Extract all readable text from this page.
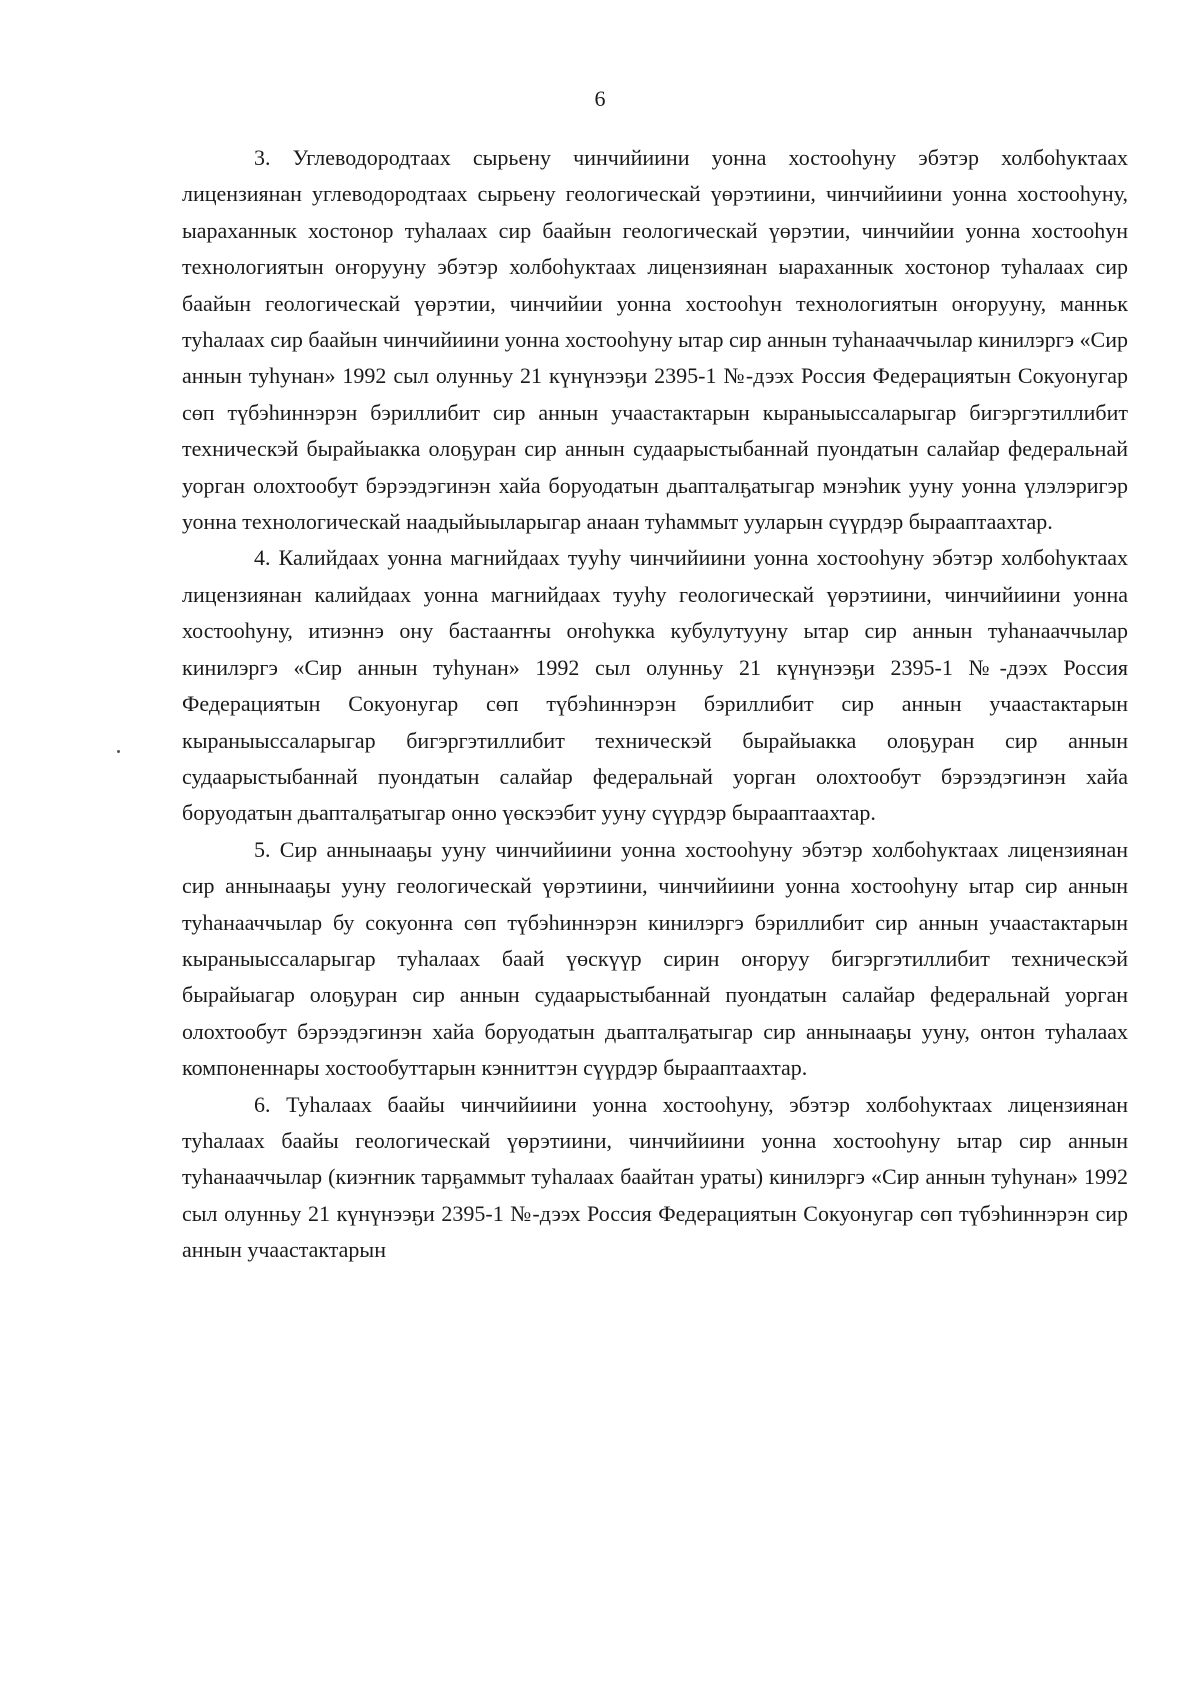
6

3. Углеводородтаах сырьену чинчийиини уонна хостооhуну эбэтэр холбоhуктаах лицензиянан углеводородтаах сырьену геологическай үөрэтиини, чинчийиини уонна хостооhуну, ыараханнык хостонор туhалаах сир баайын геологическай үөрэтии, чинчийии уонна хостооhун технологиятын оҥорууну эбэтэр холбоhуктаах лицензиянан ыараханнык хостонор туhалаах сир баайын геологическай үөрэтии, чинчийии уонна хостооhун технологиятын оҥорууну, манньк туhалаах сир баайын чинчийиини уонна хостооhуну ытар сир аннын туhанааччылар кинилэргэ «Сир аннын туhунан» 1992 сыл олунньу 21 күнүнээҕи 2395-1 №-дээх Россия Федерациятын Сокуонугар сөп түбэhиннэрэн бэриллибит сир аннын учаастактарын кыраныыссаларыгар бигэргэтиллибит техническэй бырайыакка олоҕуран сир аннын судаарыстыбаннай пуондатын салайар федеральнай уорган олохтообут бэрээдэгинэн хайа боруодатын дьапталҕатыгар мэнэhик ууну уонна үлэлэригэр уонна технологическай наадыйыыларыгар анаан туhаммыт ууларын сүүрдэр бырааптаахтар.

4. Калийдаах уонна магнийдаах тууhу чинчийиини уонна хостооhуну эбэтэр холбоhуктаах лицензиянан калийдаах уонна магнийдаах тууhу геологическай үөрэтиини, чинчийиини уонна хостооhуну, итиэннэ ону бастааҥҥы оҥоhукка кубулутууну ытар сир аннын туhанааччылар кинилэргэ «Сир аннын туhунан» 1992 сыл олунньу 21 күнүнээҕи 2395-1 №-дээх Россия Федерациятын Сокуонугар сөп түбэhиннэрэн бэриллибит сир аннын учаастактарын кыраныыссаларыгар бигэргэтиллибит техническэй бырайыакка олоҕуран сир аннын судаарыстыбаннай пуондатын салайар федеральнай уорган олохтообут бэрээдэгинэн хайа боруодатын дьапталҕатыгар онно үөскээбит ууну сүүрдэр бырааптаахтар.

5. Сир аннынааҕы ууну чинчийиини уонна хостооhуну эбэтэр холбоhуктаах лицензиянан сир аннынааҕы ууну геологическай үөрэтиини, чинчийиини уонна хостооhуну ытар сир аннын туhанааччылар бу сокуонҥа сөп түбэhиннэрэн кинилэргэ бэриллибит сир аннын учаастактарын кыраныыссаларыгар туhалаах баай үөскүүр сирин оҥоруу бигэргэтиллибит техническэй бырайыагар олоҕуран сир аннын судаарыстыбаннай пуондатын салайар федеральнай уорган олохтообут бэрээдэгинэн хайа боруодатын дьапталҕатыгар сир аннынааҕы ууну, онтон туhалаах компоненнары хостообуттарын кэнниттэн сүүрдэр бырааптаахтар.

6. Туhалаах баайы чинчийиини уонна хостооhуну, эбэтэр холбоhуктаах лицензиянан туhалаах баайы геологическай үөрэтиини, чинчийиини уонна хостооhуну ытар сир аннын туhанааччылар (киэҥник тарҕаммыт туhалаах баайтан ураты) кинилэргэ «Сир аннын туhунан» 1992 сыл олунньу 21 күнүнээҕи 2395-1 №-дээх Россия Федерациятын Сокуонугар сөп түбэhиннэрэн сир аннын учаастактарын
